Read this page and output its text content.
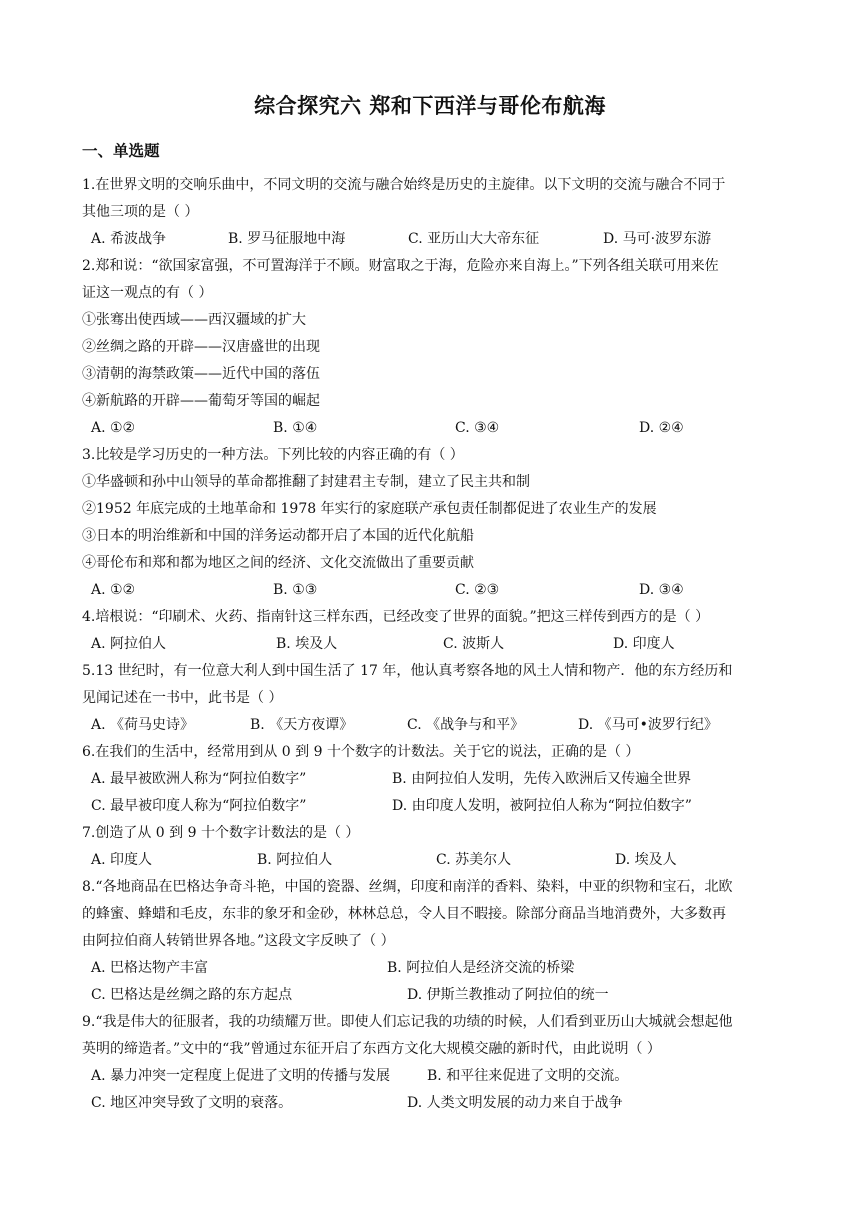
综合探究六 郑和下西洋与哥伦布航海
一、单选题
1.在世界文明的交响乐曲中，不同文明的交流与融合始终是历史的主旋律。以下文明的交流与融合不同于
其他三项的是（ ）
A. 希波战争	B. 罗马征服地中海	C. 亚历山大大帝东征	D. 马可·波罗东游
2.郑和说：“欲国家富强，不可置海洋于不顾。财富取之于海，危险亦来自海上。”下列各组关联可用来佐
证这一观点的有（ ）
①张骞出使西域——西汉疆域的扩大
②丝绸之路的开辟——汉唐盛世的出现
③清朝的海禁政策——近代中国的落伍
④新航路的开辟——葡萄牙等国的崛起
A. ①②	B. ①④	C. ③④	D. ②④
3.比较是学习历史的一种方法。下列比较的内容正确的有（ ）
①华盛顿和孙中山领导的革命都推翻了封建君主专制，建立了民主共和制
②1952 年底完成的土地革命和 1978 年实行的家庭联产承包责任制都促进了农业生产的发展
③日本的明治维新和中国的洋务运动都开启了本国的近代化航船
④哥伦布和郑和都为地区之间的经济、文化交流做出了重要贡献
A. ①②	B. ①③	C. ②③	D. ③④
4.培根说：“印刷术、火药、指南针这三样东西，已经改变了世界的面貌。”把这三样传到西方的是（ ）
A. 阿拉伯人	B. 埃及人	C. 波斯人	D. 印度人
5.13 世纪时，有一位意大利人到中国生活了 17 年，他认真考察各地的风土人情和物产．他的东方经历和
见闻记述在一书中，此书是（ ）
A. 《荷马史诗》	B. 《天方夜谭》	C. 《战争与和平》	D. 《马可•波罗行纪》
6.在我们的生活中，经常用到从 0 到 9 十个数字的计数法。关于它的说法，正确的是（ ）
A. 最早被欧洲人称为“阿拉伯数字”	B. 由阿拉伯人发明，先传入欧洲后又传遍全世界
C. 最早被印度人称为“阿拉伯数字”	D. 由印度人发明，被阿拉伯人称为“阿拉伯数字”
7.创造了从 0 到 9 十个数字计数法的是（ ）
A. 印度人	B. 阿拉伯人	C. 苏美尔人	D. 埃及人
8.“各地商品在巴格达争奇斗艳，中国的瓷器、丝绸，印度和南洋的香料、染料，中亚的织物和宝石，北欧
的蜂蜜、蜂蜡和毛皮，东非的象牙和金砂，林林总总，令人目不暇接。除部分商品当地消费外，大多数再
由阿拉伯商人转销世界各地。”这段文字反映了（ ）
A. 巴格达物产丰富	B. 阿拉伯人是经济交流的桥梁
C. 巴格达是丝绸之路的东方起点	D. 伊斯兰教推动了阿拉伯的统一
9.“我是伟大的征服者，我的功绩耀万世。即使人们忘记我的功绩的时候，人们看到亚历山大城就会想起他
英明的缔造者。”文中的“我”曾通过东征开启了东西方文化大规模交融的新时代，由此说明（ ）
A. 暴力冲突一定程度上促进了文明的传播与发展	B. 和平往来促进了文明的交流。
C. 地区冲突导致了文明的衰落。	D. 人类文明发展的动力来自于战争
